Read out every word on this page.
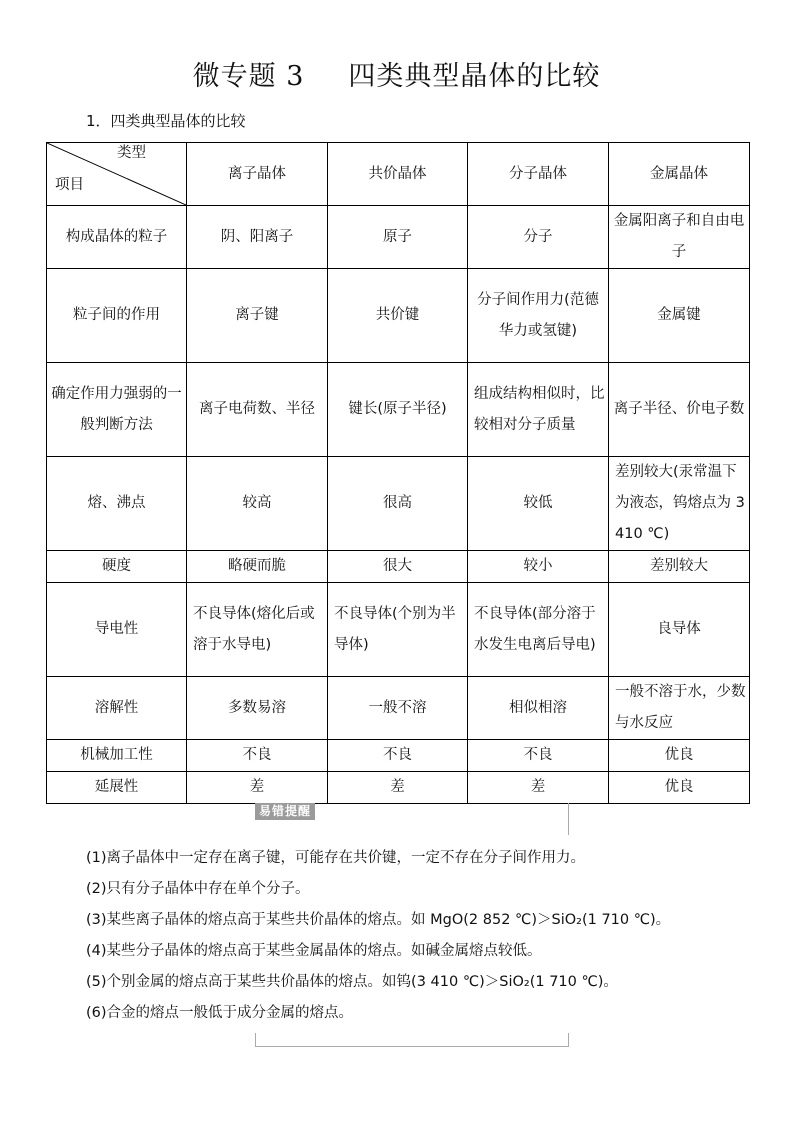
微专题 3 四类典型晶体的比较
1．四类典型晶体的比较
类型
项目	离子晶体	共价晶体	分子晶体	金属晶体
构成晶体的粒子	阴、阳离子	原子	分子	金属阳离子和自由电子
粒子间的作用	离子键	共价键	分子间作用力(范德华力或氢键)	金属键
确定作用力强弱的一般判断方法	离子电荷数、半径	键长(原子半径)	组成结构相似时，比较相对分子质量	离子半径、价电子数
熔、沸点	较高	很高	较低	差别较大(汞常温下为液态，钨熔点为 3 410 ℃)
硬度	略硬而脆	很大	较小	差别较大
导电性	不良导体(熔化后或溶于水导电)	不良导体(个别为半导体)	不良导体(部分溶于水发生电离后导电)	良导体
溶解性	多数易溶	一般不溶	相似相溶	一般不溶于水，少数与水反应
机械加工性	不良	不良	不良	优良
延展性	差	差	差	优良
易错提醒

(1)离子晶体中一定存在离子键，可能存在共价键，一定不存在分子间作用力。

(2)只有分子晶体中存在单个分子。

(3)某些离子晶体的熔点高于某些共价晶体的熔点。如 MgO(2 852 ℃)＞SiO₂(1 710 ℃)。

(4)某些分子晶体的熔点高于某些金属晶体的熔点。如碱金属熔点较低。

(5)个别金属的熔点高于某些共价晶体的熔点。如钨(3 410 ℃)＞SiO₂(1 710 ℃)。

(6)合金的熔点一般低于成分金属的熔点。
